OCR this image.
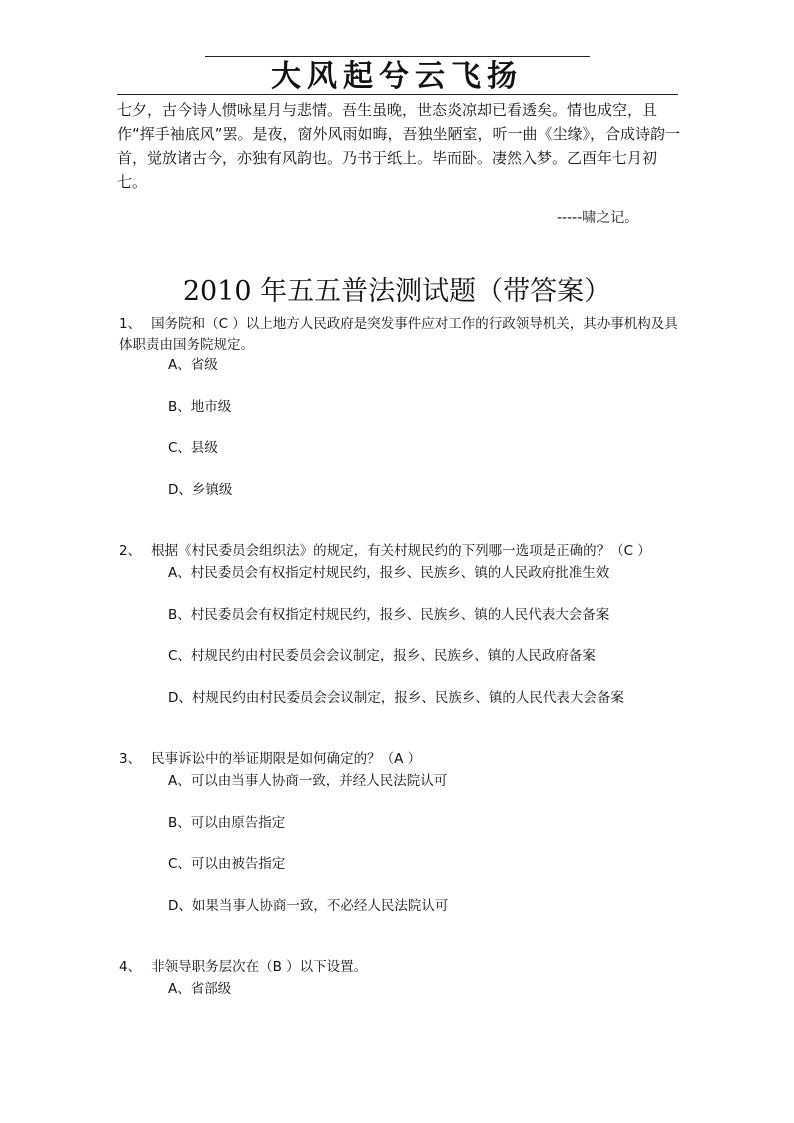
大风起兮云飞扬

七夕，古今诗人惯咏星月与悲情。吾生虽晚，世态炎凉却已看透矣。情也成空，且作“挥手袖底风”罢。是夜，窗外风雨如晦，吾独坐陋室，听一曲《尘缘》，合成诗韵一首，觉放诸古今，亦独有风韵也。乃书于纸上。毕而卧。凄然入梦。乙酉年七月初七。

-----啸之记。
2010 年五五普法测试题（带答案）

1、 国务院和（C ）以上地方人民政府是突发事件应对工作的行政领导机关，其办事机构及具体职责由国务院规定。

A、省级

B、地市级

C、县级

D、乡镇级

2、 根据《村民委员会组织法》的规定，有关村规民约的下列哪一选项是正确的？（C ）

A、村民委员会有权指定村规民约，报乡、民族乡、镇的人民政府批准生效

B、村民委员会有权指定村规民约，报乡、民族乡、镇的人民代表大会备案

C、村规民约由村民委员会会议制定，报乡、民族乡、镇的人民政府备案

D、村规民约由村民委员会会议制定，报乡、民族乡、镇的人民代表大会备案

3、 民事诉讼中的举证期限是如何确定的？（A ）

A、可以由当事人协商一致，并经人民法院认可

B、可以由原告指定

C、可以由被告指定

D、如果当事人协商一致，不必经人民法院认可

4、 非领导职务层次在（B ）以下设置。

A、省部级
